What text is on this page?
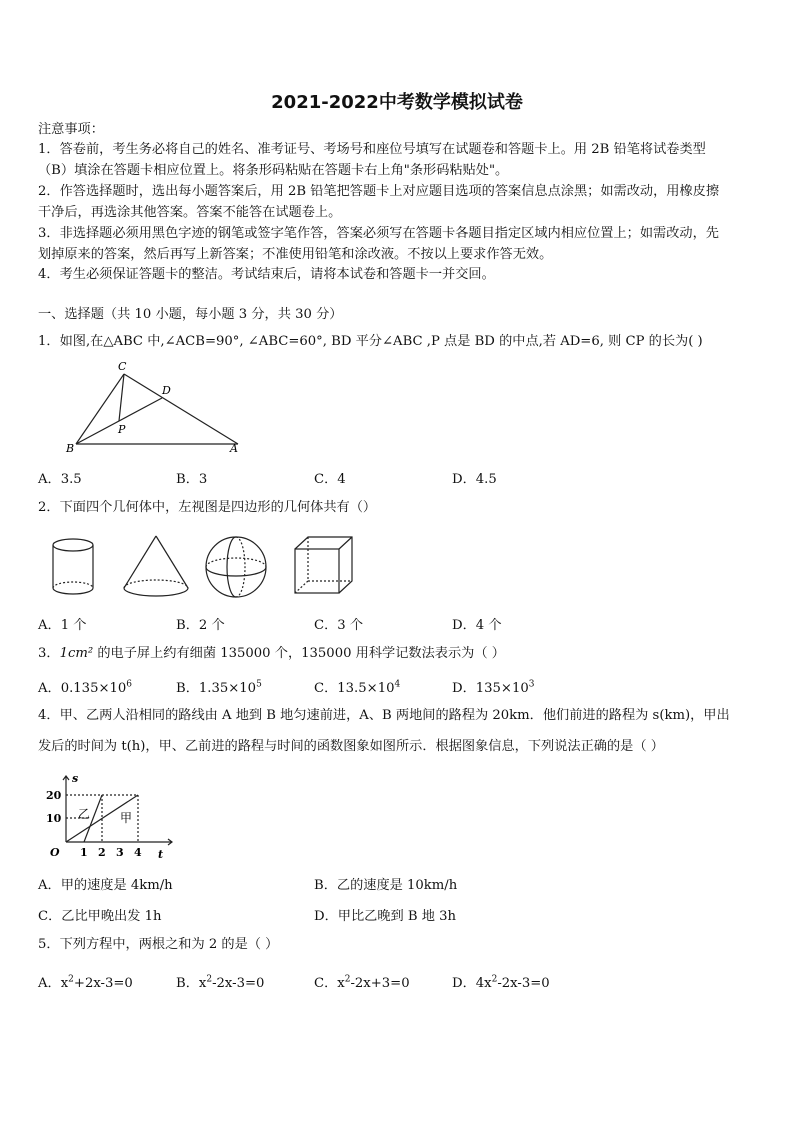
2021-2022中考数学模拟试卷
注意事项：
1．答卷前，考生务必将自己的姓名、准考证号、考场号和座位号填写在试题卷和答题卡上。用 2B 铅笔将试卷类型
（B）填涂在答题卡相应位置上。将条形码粘贴在答题卡右上角"条形码粘贴处"。
2．作答选择题时，选出每小题答案后，用 2B 铅笔把答题卡上对应题目选项的答案信息点涂黑；如需改动，用橡皮擦
干净后，再选涂其他答案。答案不能答在试题卷上。
3．非选择题必须用黑色字迹的钢笔或签字笔作答，答案必须写在答题卡各题目指定区域内相应位置上；如需改动，先
划掉原来的答案，然后再写上新答案；不准使用铅笔和涂改液。不按以上要求作答无效。
4．考生必须保证答题卡的整洁。考试结束后，请将本试卷和答题卡一并交回。
一、选择题（共 10 小题，每小题 3 分，共 30 分）
1．如图,在△ABC 中,∠ACB=90°, ∠ABC=60°, BD 平分∠ABC ,P 点是 BD 的中点,若 AD=6, 则 CP 的长为( )
C
D
P
B	A
A．3.5	B．3	C．4	D．4.5
2．下面四个几何体中，左视图是四边形的几何体共有（）
A．1 个	B．2 个	C．3 个	D．4 个
3．1cm² 的电子屏上约有细菌 135000 个，135000 用科学记数法表示为（ ）
A．$0.135\times 10^6$	B．$1.35\times 10^5$	C．$13.5\times 10^4$	D．$135\times 10^3$
4．甲、乙两人沿相同的路线由 A 地到 B 地匀速前进，A、B 两地间的路程为 20km．他们前进的路程为 s(km)，甲出
发后的时间为 t(h)，甲、乙前进的路程与时间的函数图象如图所示．根据图象信息，下列说法正确的是（ ）
s
t
O
20
10
1 2 3 4
乙 甲
A．甲的速度是 4km/h	B．乙的速度是 10km/h
C．乙比甲晚出发 1h	D．甲比乙晚到 B 地 3h
5．下列方程中，两根之和为 2 的是（ ）
A．$x^2+2x-3=0$	B．$x^2-2x-3=0$	C．$x^2-2x+3=0$	D．$4x^2-2x-3=0$
